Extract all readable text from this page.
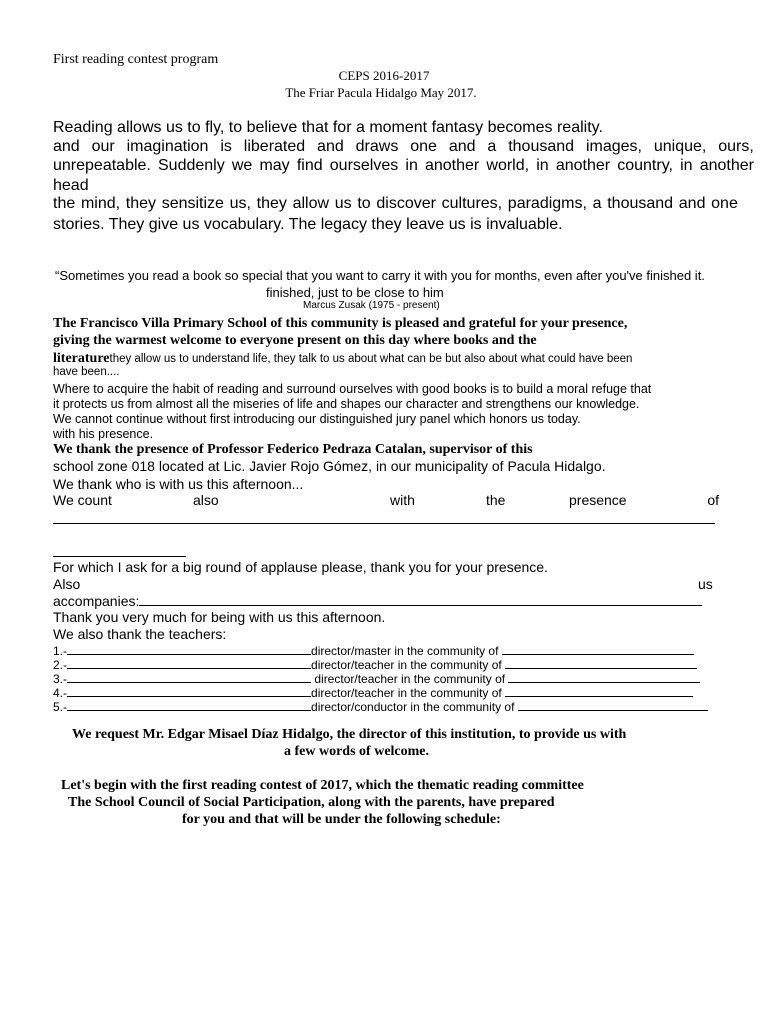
First reading contest program
CEPS 2016-2017
The Friar Pacula Hidalgo May 2017.
Reading allows us to fly, to believe that for a moment fantasy becomes reality.
and our imagination is liberated and draws one and a thousand images, unique, ours,
unrepeatable. Suddenly we may find ourselves in another world, in another country, in another
head
the mind, they sensitize us, they allow us to discover cultures, paradigms, a thousand and one
stories. They give us vocabulary. The legacy they leave us is invaluable.
“Sometimes you read a book so special that you want to carry it with you for months, even after you've finished it.
finished, just to be close to him
Marcus Zusak (1975 - present)
The Francisco Villa Primary School of this community is pleased and grateful for your presence,
giving the warmest welcome to everyone present on this day where books and the
literaturethey allow us to understand life, they talk to us about what can be but also about what could have been
have been....
Where to acquire the habit of reading and surround ourselves with good books is to build a moral refuge that
it protects us from almost all the miseries of life and shapes our character and strengthens our knowledge.
We cannot continue without first introducing our distinguished jury panel which honors us today.
with his presence.
We thank the presence of Professor Federico Pedraza Catalan, supervisor of this
school zone 018 located at Lic. Javier Rojo Gómez, in our municipality of Pacula Hidalgo.
We thank who is with us this afternoon...
We count	also	with	the	presence	of
For which I ask for a big round of applause please, thank you for your presence.
Also	us
accompanies:
Thank you very much for being with us this afternoon.
We also thank the teachers:
1.-	director/master in the community of
2.-	director/teacher in the community of
3.-	director/teacher in the community of
4.-	director/teacher in the community of
5.-	director/conductor in the community of
We request Mr. Edgar Misael Díaz Hidalgo, the director of this institution, to provide us with
a few words of welcome.
Let's begin with the first reading contest of 2017, which the thematic reading committee
The School Council of Social Participation, along with the parents, have prepared
for you and that will be under the following schedule:
